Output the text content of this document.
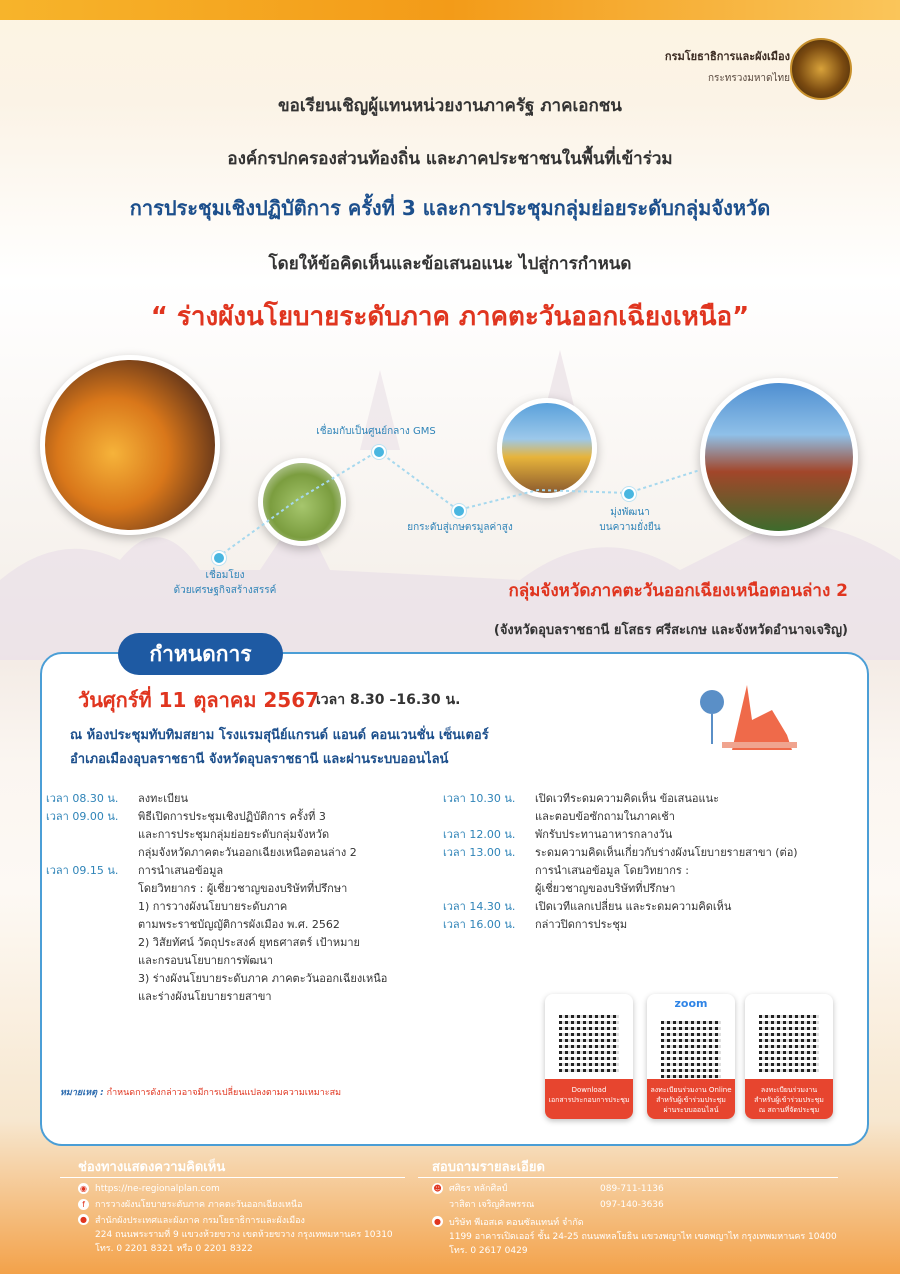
กรมโยธาธิการและผังเมือง
กระทรวงมหาดไทย
ขอเรียนเชิญผู้แทนหน่วยงานภาครัฐ ภาคเอกชน
องค์กรปกครองส่วนท้องถิ่น และภาคประชาชนในพื้นที่เข้าร่วม
การประชุมเชิงปฏิบัติการ ครั้งที่ 3 และการประชุมกลุ่มย่อยระดับกลุ่มจังหวัด
โดยให้ข้อคิดเห็นและข้อเสนอแนะ ไปสู่การกำหนด
“ ร่างผังนโยบายระดับภาค ภาคตะวันออกเฉียงเหนือ”
เชื่อมโยง
ด้วยเศรษฐกิจสร้างสรรค์
เชื่อมกับเป็นศูนย์กลาง GMS
ยกระดับสู่เกษตรมูลค่าสูง
มุ่งพัฒนา
บนความยั่งยืน
กลุ่มจังหวัดภาคตะวันออกเฉียงเหนือตอนล่าง 2
(จังหวัดอุบลราชธานี ยโสธร ศรีสะเกษ และจังหวัดอำนาจเจริญ)
กำหนดการ
วันศุกร์ที่ 11 ตุลาคม 2567
เวลา 8.30 –16.30 น.
ณ ห้องประชุมทับทิมสยาม โรงแรมสุนีย์แกรนด์ แอนด์ คอนเวนชั่น เซ็นเตอร์
อำเภอเมืองอุบลราชธานี จังหวัดอุบลราชธานี และผ่านระบบออนไลน์
เวลา 08.30 น.	ลงทะเบียน
เวลา 09.00 น.	พิธีเปิดการประชุมเชิงปฏิบัติการ ครั้งที่ 3
และการประชุมกลุ่มย่อยระดับกลุ่มจังหวัด
กลุ่มจังหวัดภาคตะวันออกเฉียงเหนือตอนล่าง 2
เวลา 09.15 น.	การนำเสนอข้อมูล
โดยวิทยากร : ผู้เชี่ยวชาญของบริษัทที่ปรึกษา
1) การวางผังนโยบายระดับภาค
ตามพระราชบัญญัติการผังเมือง พ.ศ. 2562
2) วิสัยทัศน์ วัตถุประสงค์ ยุทธศาสตร์ เป้าหมาย
และกรอบนโยบายการพัฒนา
3) ร่างผังนโยบายระดับภาค ภาคตะวันออกเฉียงเหนือ
และร่างผังนโยบายรายสาขา
เวลา 10.30 น.	เปิดเวทีระดมความคิดเห็น ข้อเสนอแนะ
และตอบข้อซักถามในภาคเช้า
เวลา 12.00 น.	พักรับประทานอาหารกลางวัน
เวลา 13.00 น.	ระดมความคิดเห็นเกี่ยวกับร่างผังนโยบายรายสาขา (ต่อ)
การนำเสนอข้อมูล โดยวิทยากร :
ผู้เชี่ยวชาญของบริษัทที่ปรึกษา
เวลา 14.30 น.	เปิดเวทีแลกเปลี่ยน และระดมความคิดเห็น
เวลา 16.00 น.	กล่าวปิดการประชุม
หมายเหตุ : กำหนดการดังกล่าวอาจมีการเปลี่ยนแปลงตามความเหมาะสม	Download
เอกสารประกอบการประชุม
zoom
ลงทะเบียนร่วมงาน Online
สำหรับผู้เข้าร่วมประชุม
ผ่านระบบออนไลน์
ลงทะเบียนร่วมงาน
สำหรับผู้เข้าร่วมประชุม
ณ สถานที่จัดประชุม
ช่องทางแสดงความคิดเห็น	สอบถามรายละเอียด
◉ https://ne-regionalplan.com
f การวางผังนโยบายระดับภาค ภาคตะวันออกเฉียงเหนือ
● สำนักผังประเทศและผังภาค กรมโยธาธิการและผังเมือง
224 ถนนพระรามที่ 9 แขวงห้วยขวาง เขตห้วยขวาง กรุงเทพมหานคร 10310
โทร. 0 2201 8321 หรือ 0 2201 8322
☻ ศศิธร หลักศิลป์	089-711-1136
วาสิตา เจริญศิลพรรณ	097-140-3636
● บริษัท พีเอสเค คอนซัลแทนท์ จำกัด
1199 อาคารเปิดเออร์ ชั้น 24-25 ถนนพหลโยธิน แขวงพญาไท เขตพญาไท กรุงเทพมหานคร 10400
โทร. 0 2617 0429
